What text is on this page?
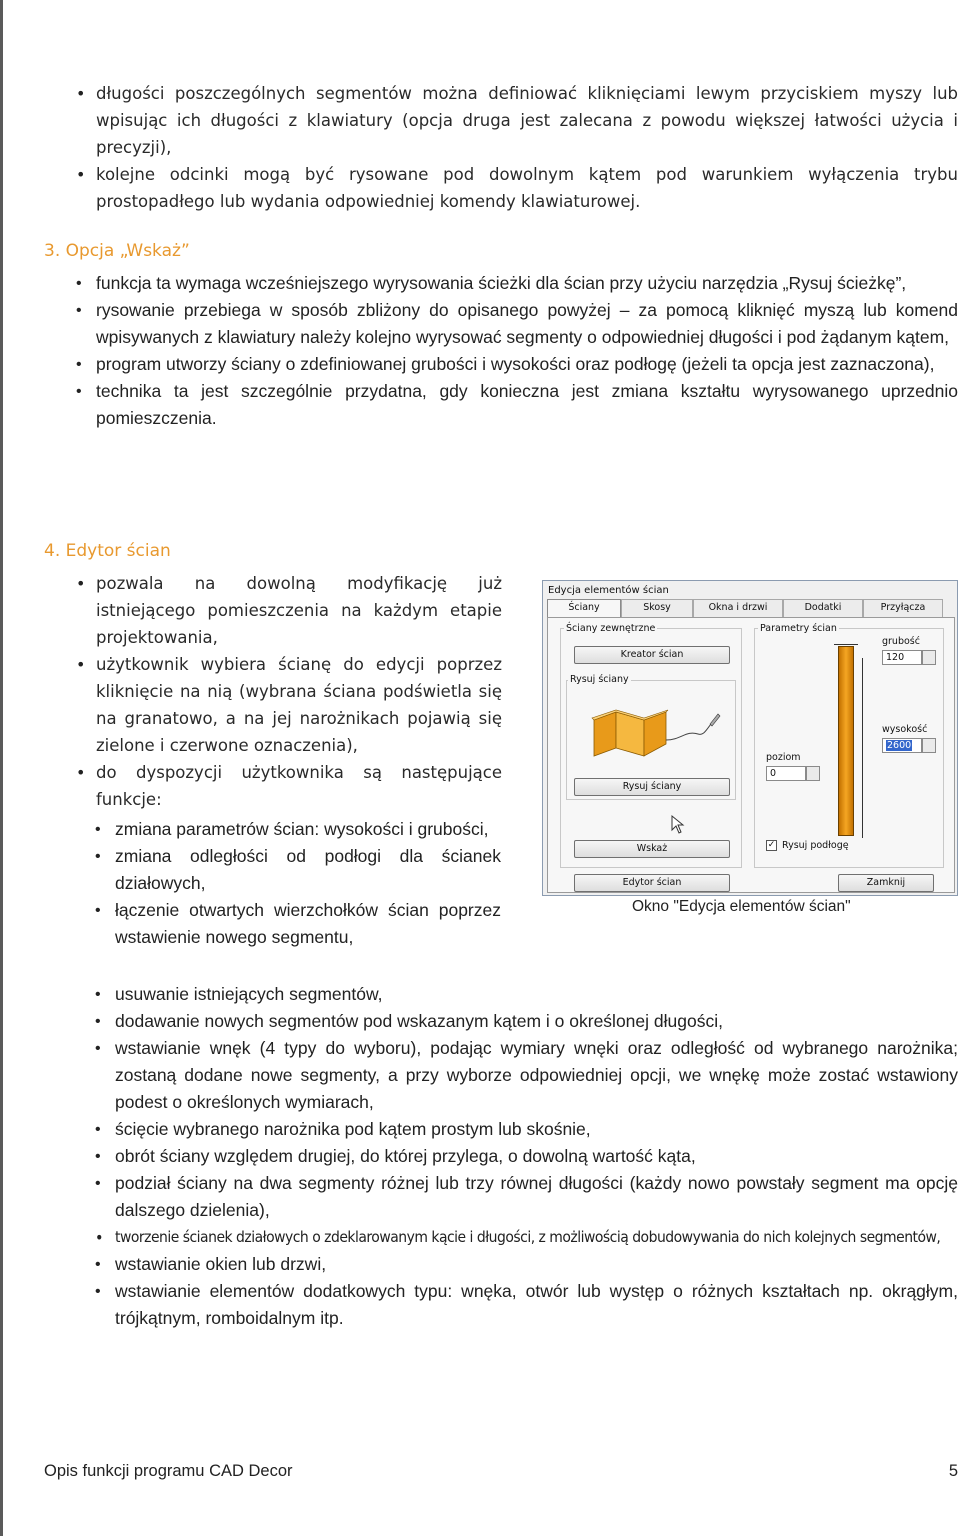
• długości poszczególnych segmentów można definiować kliknięciami lewym przyciskiem myszy lub wpisując ich długości z klawiatury (opcja druga jest zalecana z powodu większej łatwości użycia i precyzji),
• kolejne odcinki mogą być rysowane pod dowolnym kątem pod warunkiem wyłączenia trybu prostopadłego lub wydania odpowiedniej komendy klawiaturowej.
3. Opcja „Wskaż”
• funkcja ta wymaga wcześniejszego wyrysowania ścieżki dla ścian przy użyciu narzędzia „Rysuj ścieżkę”,
• rysowanie przebiega w sposób zbliżony do opisanego powyżej – za pomocą kliknięć myszą lub komend wpisywanych z klawiatury należy kolejno wyrysować segmenty o odpowiedniej długości i pod żądanym kątem,
• program utworzy ściany o zdefiniowanej grubości i wysokości oraz podłogę (jeżeli ta opcja jest zaznaczona),
• technika ta jest szczególnie przydatna, gdy konieczna jest zmiana kształtu wyrysowanego uprzednio pomieszczenia.
4. Edytor ścian
• pozwala na dowolną modyfikację już istniejącego pomieszczenia na każdym etapie projektowania,
• użytkownik wybiera ścianę do edycji poprzez kliknięcie na nią (wybrana ściana podświetla się na granatowo, a na jej narożnikach pojawią się zielone i czerwone oznaczenia),
• do dyspozycji użytkownika są następujące funkcje:
• zmiana parametrów ścian: wysokości i grubości,
• zmiana odległości od podłogi dla ścianek działowych,
• łączenie otwartych wierzchołków ścian poprzez wstawienie nowego segmentu,
• usuwanie istniejących segmentów,
• dodawanie nowych segmentów pod wskazanym kątem i o określonej długości,
• wstawianie wnęk (4 typy do wyboru), podając wymiary wnęki oraz odległość od wybranego narożnika; zostaną dodane nowe segmenty, a przy wyborze odpowiedniej opcji, we wnękę może zostać wstawiony podest o określonych wymiarach,
• ścięcie wybranego narożnika pod kątem prostym lub skośnie,
• obrót ściany względem drugiej, do której przylega, o dowolną wartość kąta,
• podział ściany na dwa segmenty różnej lub trzy równej długości (każdy nowo powstały segment ma opcję dalszego dzielenia),
• tworzenie ścianek działowych o zdeklarowanym kącie i długości, z możliwością dobudowywania do nich kolejnych segmentów,
• wstawianie okien lub drzwi,
• wstawianie elementów dodatkowych typu: wnęka, otwór lub występ o różnych kształtach np. okrągłym, trójkątnym, romboidalnym itp.
Edycja elementów ścian
Ściany	Skosy	Okna i drzwi	Dodatki	Przyłącza
Ściany zewnętrzne
Kreator ścian
Rysuj ściany
Rysuj ściany
Wskaż
Edytor ścian
Parametry ścian
grubość
120
wysokość
2600
poziom
0
✓ Rysuj podłogę
Zamknij
Okno "Edycja elementów ścian"
Opis funkcji programu CAD Decor	5
